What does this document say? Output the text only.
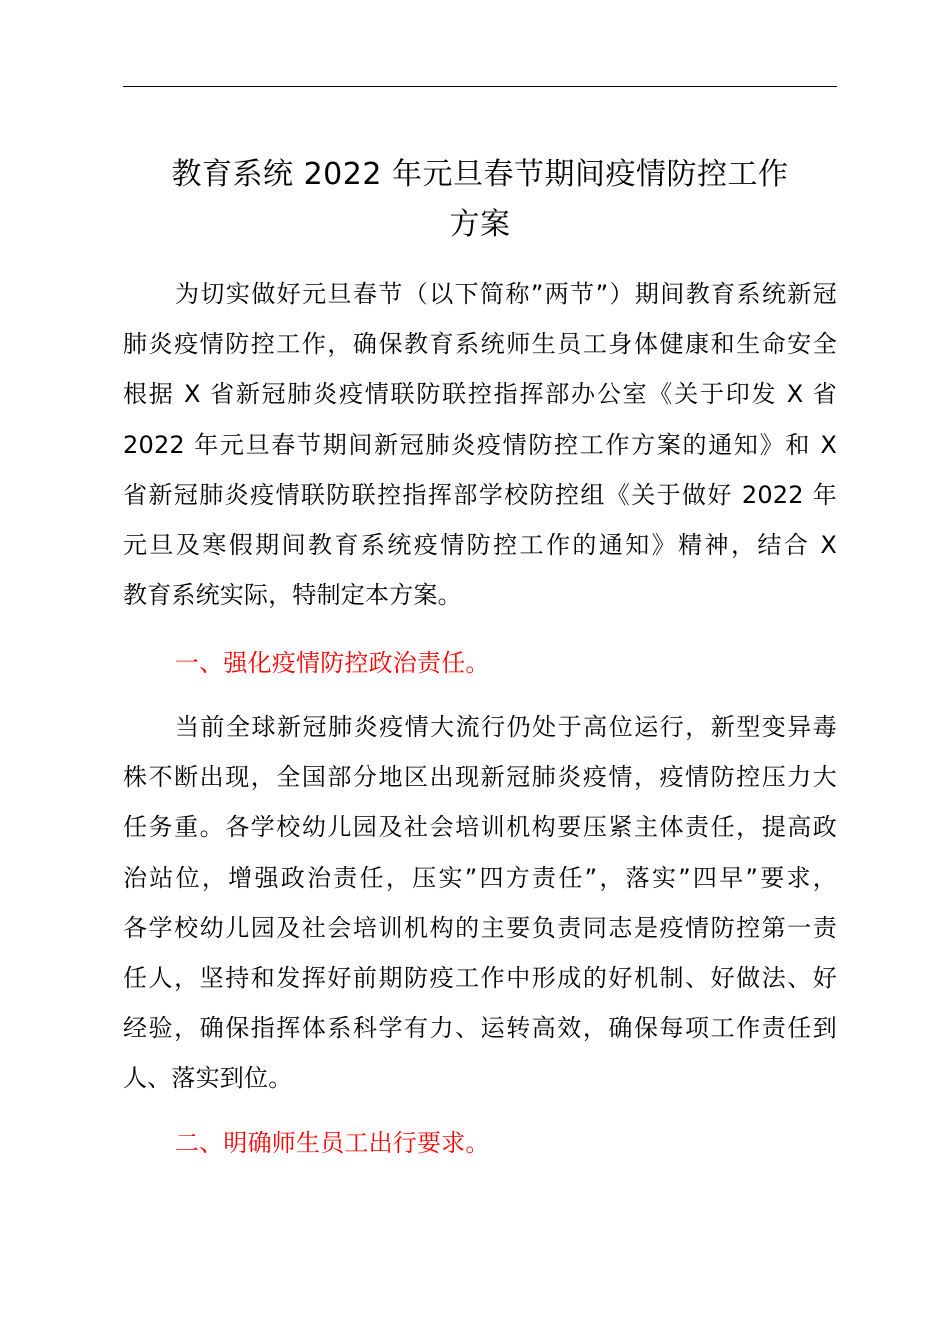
教育系统 2022 年元旦春节期间疫情防控工作
方案
为切实做好元旦春节（以下简称”两节”）期间教育系统新冠
肺炎疫情防控工作，确保教育系统师生员工身体健康和生命安全
根据 X 省新冠肺炎疫情联防联控指挥部办公室《关于印发 X 省
2022 年元旦春节期间新冠肺炎疫情防控工作方案的通知》和 X
省新冠肺炎疫情联防联控指挥部学校防控组《关于做好 2022 年
元旦及寒假期间教育系统疫情防控工作的通知》精神，结合 X
教育系统实际，特制定本方案。
一、强化疫情防控政治责任。
当前全球新冠肺炎疫情大流行仍处于高位运行，新型变异毒
株不断出现，全国部分地区出现新冠肺炎疫情，疫情防控压力大
任务重。各学校幼儿园及社会培训机构要压紧主体责任，提高政
治站位，增强政治责任，压实”四方责任”，落实”四早”要求，
各学校幼儿园及社会培训机构的主要负责同志是疫情防控第一责
任人，坚持和发挥好前期防疫工作中形成的好机制、好做法、好
经验，确保指挥体系科学有力、运转高效，确保每项工作责任到
人、落实到位。
二、明确师生员工出行要求。
